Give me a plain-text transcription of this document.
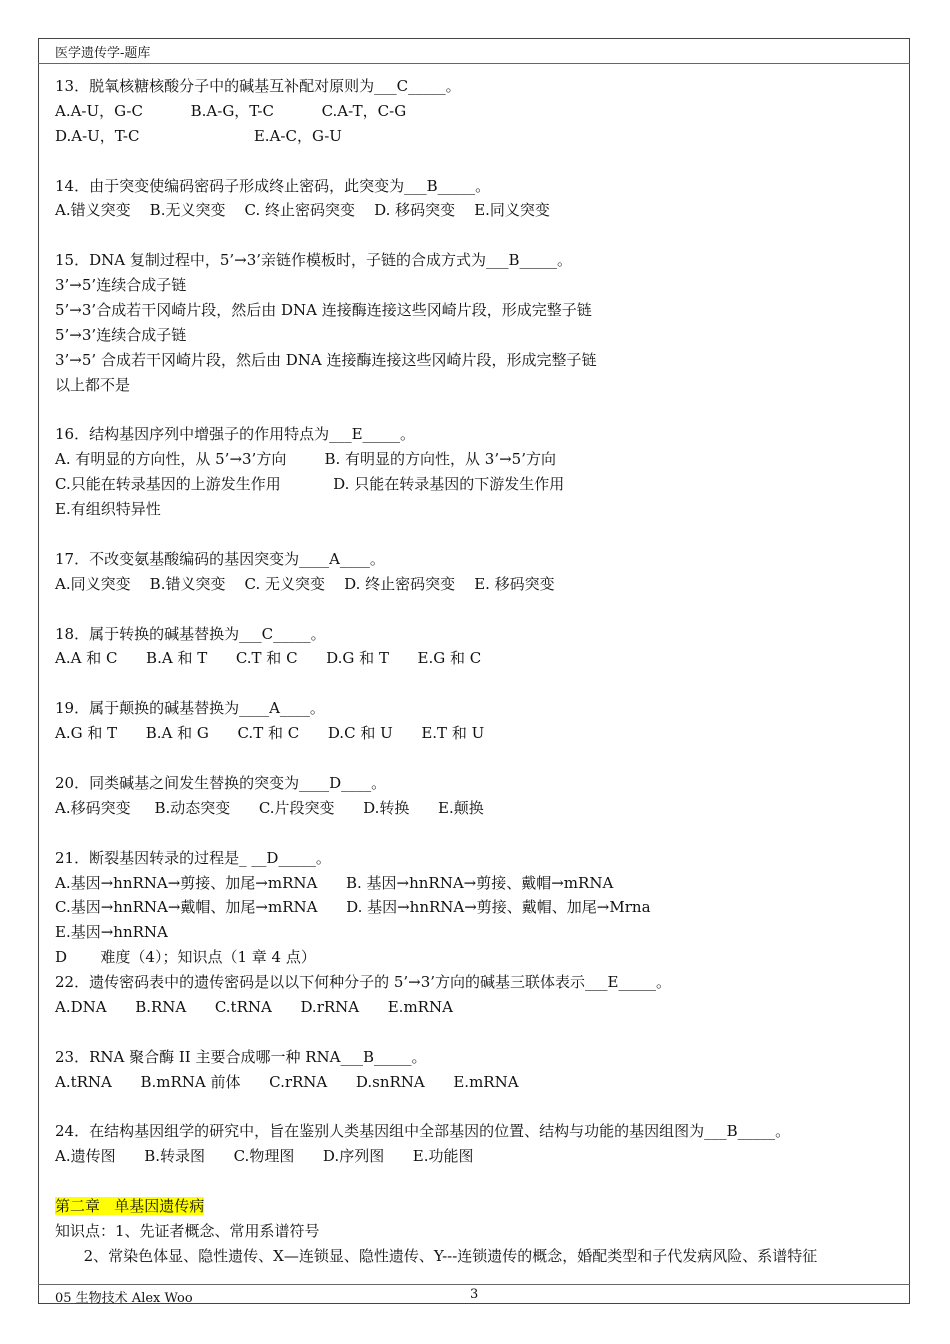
医学遗传学-题库
13．脱氧核糖核酸分子中的碱基互补配对原则为___C_____。
A.A-U，G-C          B.A-G，T-C          C.A-T，C-G
D.A-U，T-C                        E.A-C，G-U
14．由于突变使编码密码子形成终止密码，此突变为___B_____。
A.错义突变    B.无义突变    C. 终止密码突变    D. 移码突变    E.同义突变
15．DNA 复制过程中，5’→3’亲链作模板时，子链的合成方式为___B_____。
3’→5’连续合成子链
5’→3’合成若干冈崎片段，然后由 DNA 连接酶连接这些冈崎片段，形成完整子链
5’→3’连续合成子链
3’→5’ 合成若干冈崎片段，然后由 DNA 连接酶连接这些冈崎片段，形成完整子链
以上都不是
16．结构基因序列中增强子的作用特点为___E_____。
A. 有明显的方向性，从 5’→3’方向        B. 有明显的方向性，从 3’→5’方向
C.只能在转录基因的上游发生作用           D. 只能在转录基因的下游发生作用
E.有组织特异性
17．不改变氨基酸编码的基因突变为____A____。
A.同义突变    B.错义突变    C. 无义突变    D. 终止密码突变    E. 移码突变
18．属于转换的碱基替换为___C_____。
A.A 和 C      B.A 和 T      C.T 和 C      D.G 和 T      E.G 和 C
19．属于颠换的碱基替换为____A____。
A.G 和 T      B.A 和 G      C.T 和 C      D.C 和 U      E.T 和 U
20．同类碱基之间发生替换的突变为____D____。
A.移码突变     B.动态突变      C.片段突变      D.转换      E.颠换
21．断裂基因转录的过程是_ __D_____。
A.基因→hnRNA→剪接、加尾→mRNA      B. 基因→hnRNA→剪接、戴帽→mRNA
C.基因→hnRNA→戴帽、加尾→mRNA      D. 基因→hnRNA→剪接、戴帽、加尾→Mrna
E.基因→hnRNA
D       难度（4）；知识点（1 章 4 点）
22．遗传密码表中的遗传密码是以以下何种分子的 5’→3’方向的碱基三联体表示___E_____。
A.DNA      B.RNA      C.tRNA      D.rRNA      E.mRNA
23．RNA 聚合酶 II 主要合成哪一种 RNA___B_____。
A.tRNA      B.mRNA 前体      C.rRNA      D.snRNA      E.mRNA
24．在结构基因组学的研究中，旨在鉴别人类基因组中全部基因的位置、结构与功能的基因组图为___B_____。
A.遗传图      B.转录图      C.物理图      D.序列图      E.功能图
第二章   单基因遗传病
知识点：1、先证者概念、常用系谱符号
2、常染色体显、隐性遗传、X—连锁显、隐性遗传、Y---连锁遗传的概念，婚配类型和子代发病风险、系谱特征
05 生物技术 Alex Woo	3
